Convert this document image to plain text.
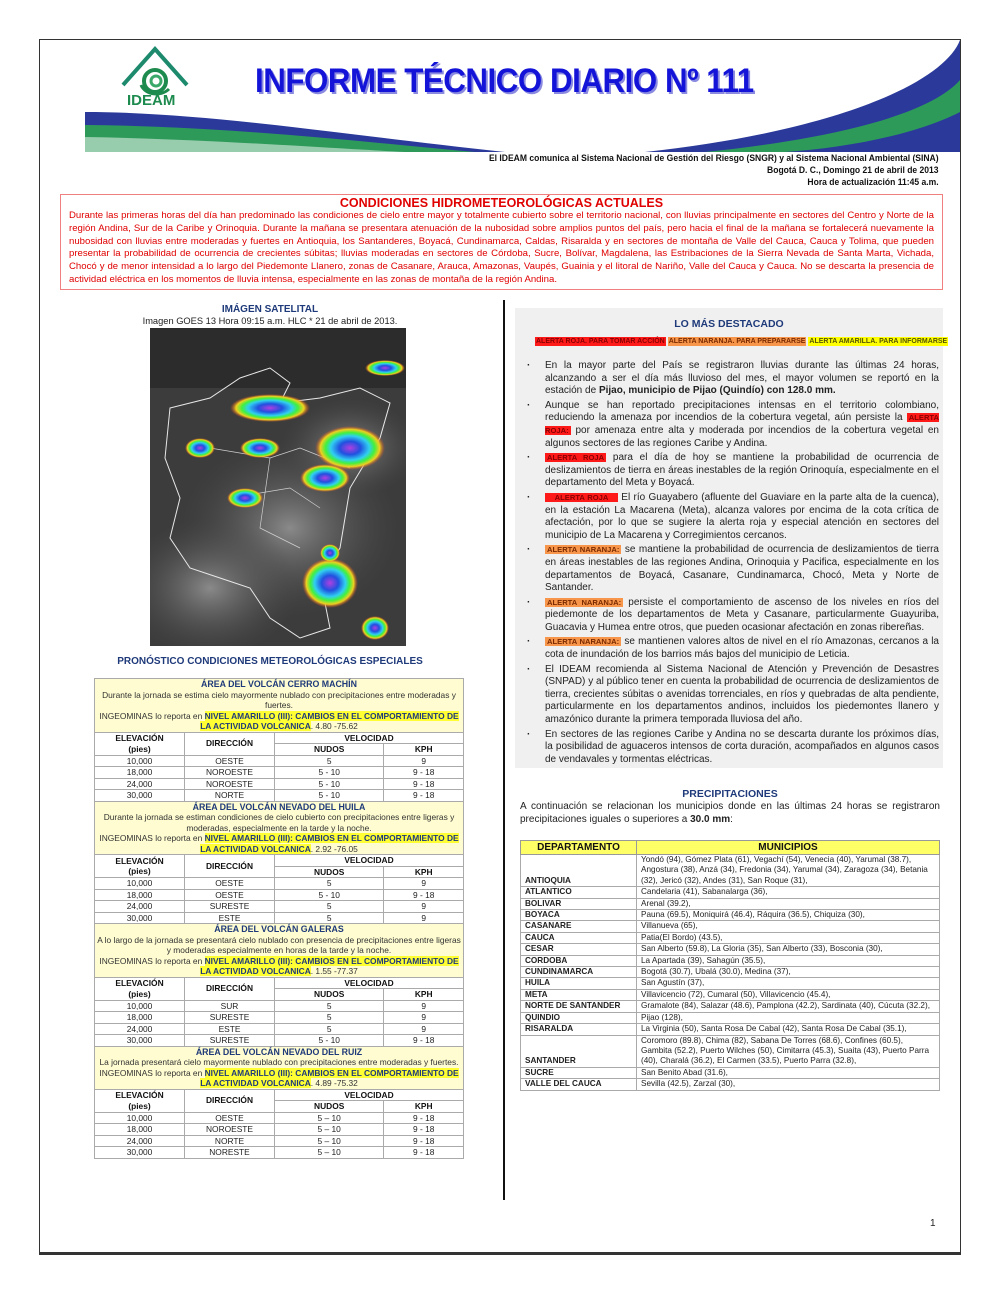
IDEAM
INFORME TÉCNICO DIARIO Nº 111
El IDEAM comunica al Sistema Nacional de Gestión del Riesgo (SNGR) y al Sistema Nacional Ambiental (SINA)
Bogotá D. C., Domingo 21 de abril de 2013
Hora de actualización 11:45 a.m.
CONDICIONES HIDROMETEOROLÓGICAS ACTUALES
Durante las primeras horas del día han predominado las condiciones de cielo entre mayor y totalmente cubierto sobre el territorio nacional, con lluvias principalmente en sectores del Centro y Norte de la región Andina, Sur de la Caribe y Orinoquia. Durante la mañana se presentara atenuación de la nubosidad sobre amplios puntos del país, pero hacia el final de la mañana se fortalecerá nuevamente la nubosidad con lluvias entre moderadas y fuertes en Antioquia, los Santanderes, Boyacá, Cundinamarca, Caldas, Risaralda y en sectores de montaña de Valle del Cauca, Cauca y Tolima, que pueden presentar la probabilidad de ocurrencia de crecientes súbitas; lluvias moderadas en sectores de Córdoba, Sucre, Bolívar, Magdalena, las Estribaciones de la Sierra Nevada de Santa Marta, Vichada, Chocó y de menor intensidad a lo largo del Piedemonte Llanero, zonas de Casanare, Arauca, Amazonas, Vaupés, Guainia y el litoral de Nariño, Valle del Cauca y Cauca. No se descarta la presencia de actividad eléctrica en los momentos de lluvia intensa, especialmente en las zonas de montaña de la región Andina.
IMÁGEN SATELITAL
Imagen GOES 13 Hora 09:15 a.m. HLC * 21 de abril de 2013.
PRONÓSTICO CONDICIONES METEOROLÓGICAS ESPECIALES
ÁREA DEL VOLCÁN CERRO MACHÍN
Durante la jornada se estima cielo mayormente nublado con precipitaciones entre moderadas y fuertes.
INGEOMINAS lo reporta en NIVEL AMARILLO (III): CAMBIOS EN EL COMPORTAMIENTO DE LA ACTIVIDAD VOLCANICA. 4.80 -75.62			

ELEVACIÓN
(pies)	DIRECCIÓN	VELOCIDAD	
		NUDOS	KPH
10,000	OESTE	5	9
18,000	NOROESTE	5 - 10	9 - 18
24,000	NOROESTE	5 - 10	9 - 18
30,000	NORTE	5 - 10	9 - 18

ÁREA DEL VOLCÁN NEVADO DEL HUILA
Durante la jornada se estiman condiciones de cielo cubierto con precipitaciones entre ligeras y moderadas, especialmente en la tarde y la noche.
INGEOMINAS lo reporta en NIVEL AMARILLO (III): CAMBIOS EN EL COMPORTAMIENTO DE LA ACTIVIDAD VOLCANICA. 2.92 -76.05			

ELEVACIÓN
(pies)	DIRECCIÓN	VELOCIDAD	
		NUDOS	KPH
10,000	OESTE	5	9
18,000	OESTE	5 - 10	9 - 18
24,000	SURESTE	5	9
30,000	ESTE	5	9

ÁREA DEL VOLCÁN GALERAS
A lo largo de la jornada se presentará cielo nublado con presencia de precipitaciones entre ligeras y moderadas especialmente en horas de la tarde y la noche.
INGEOMINAS lo reporta en NIVEL AMARILLO (III): CAMBIOS EN EL COMPORTAMIENTO DE LA ACTIVIDAD VOLCANICA. 1.55 -77.37			

ELEVACIÓN
(pies)	DIRECCIÓN	VELOCIDAD	
		NUDOS	KPH
10,000	SUR	5	9
18,000	SURESTE	5	9
24,000	ESTE	5	9
30,000	SURESTE	5 - 10	9 - 18

ÁREA DEL VOLCÁN NEVADO DEL RUIZ
La jornada presentará cielo mayormente nublado con precipitaciones entre moderadas y fuertes.
INGEOMINAS lo reporta en NIVEL AMARILLO (III): CAMBIOS EN EL COMPORTAMIENTO DE LA ACTIVIDAD VOLCANICA. 4.89 -75.32			

ELEVACIÓN
(pies)	DIRECCIÓN	VELOCIDAD	
		NUDOS	KPH
10,000	OESTE	5 – 10	9 - 18
18,000	NOROESTE	5 – 10	9 - 18
24,000	NORTE	5 – 10	9 - 18
30,000	NORESTE	5 – 10	9 - 18
LO MÁS DESTACADO
ALERTA ROJA. PARA TOMAR ACCIÓN ALERTA NARANJA. PARA PREPARARSE ALERTA AMARILLA. PARA INFORMARSE
· En la mayor parte del País se registraron lluvias durante las últimas 24 horas, alcanzando a ser el día más lluvioso del mes, el mayor volumen se reportó en la estación de Pijao, municipio de Pijao (Quindío) con 128.0 mm.
· Aunque se han reportado precipitaciones intensas en el territorio colombiano, reduciendo la amenaza por incendios de la cobertura vegetal, aún persiste la ALERTA ROJA: por amenaza entre alta y moderada por incendios de la cobertura vegetal en algunos sectores de las regiones Caribe y Andina.
· ALERTA ROJA para el día de hoy se mantiene la probabilidad de ocurrencia de deslizamientos de tierra en áreas inestables de la región Orinoquía, especialmente en el departamento del Meta y Boyacá.
·    ALERTA ROJA    El río Guayabero (afluente del Guaviare en la parte alta de la cuenca), en la estación La Macarena (Meta), alcanza valores por encima de la cota crítica de afectación, por lo que se sugiere la alerta roja y especial atención en sectores del municipio de La Macarena y Corregimientos cercanos.
· ALERTA NARANJA: se mantiene la probabilidad de ocurrencia de deslizamientos de tierra en áreas inestables de las regiones Andina, Orinoquia y Pacifica, especialmente en los departamentos de Boyacá, Casanare, Cundinamarca, Chocó, Meta y Norte de Santander.
· ALERTA NARANJA: persiste el comportamiento de ascenso de los niveles en ríos del piedemonte de los departamentos de Meta y Casanare, particularmente Guayuriba, Guacavia y Humea entre otros, que pueden ocasionar afectación en zonas ribereñas.
· ALERTA NARANJA: se mantienen valores altos de nivel en el río Amazonas, cercanos a la cota de inundación de los barrios más bajos del municipio de Leticia.
· El IDEAM recomienda al Sistema Nacional de Atención y Prevención de Desastres (SNPAD) y al público tener en cuenta la probabilidad de ocurrencia de deslizamientos de tierra, crecientes súbitas o avenidas torrenciales, en ríos y quebradas de alta pendiente, particularmente en los departamentos andinos, incluidos los piedemontes llanero y amazónico durante la primera temporada lluviosa del año.
· En sectores de las regiones Caribe y Andina no se descarta durante los próximos días, la posibilidad de aguaceros intensos de corta duración, acompañados en algunos casos de vendavales y tormentas eléctricas.
PRECIPITACIONES
A continuación se relacionan los municipios donde en las últimas 24 horas se registraron precipitaciones iguales o superiores a 30.0 mm:
DEPARTAMENTO	MUNICIPIOS
ANTIOQUIA	Yondó (94), Gómez Plata (61), Vegachí (54), Venecia (40), Yarumal (38.7), Angostura (38), Anzá (34), Fredonia (34), Yarumal (34), Zaragoza (34), Betania (32), Jericó (32), Andes (31), San Roque (31),
ATLANTICO	Candelaria (41), Sabanalarga (36),
BOLIVAR	Arenal (39.2),
BOYACA	Pauna (69.5), Moniquirá (46.4), Ráquira (36.5), Chiquiza (30),
CASANARE	Villanueva (65),
CAUCA	Patia(El Bordo) (43.5),
CESAR	San Alberto (59.8), La Gloria (35), San Alberto (33), Bosconia (30),
CORDOBA	La Apartada (39), Sahagún (35.5),
CUNDINAMARCA	Bogotá (30.7), Ubalá (30.0), Medina (37),
HUILA	San Agustín (37),
META	Villavicencio (72), Cumaral (50), Villavicencio (45.4),
NORTE DE SANTANDER	Gramalote (84), Salazar (48.6), Pamplona (42.2), Sardinata (40), Cúcuta (32.2),
QUINDIO	Pijao (128),
RISARALDA	La Virginia (50), Santa Rosa De Cabal (42), Santa Rosa De Cabal (35.1),
SANTANDER	Coromoro (89.8), Chima (82), Sabana De Torres (68.6), Confines (60.5), Gambita (52.2), Puerto Wilches (50), Cimitarra (45.3), Suaita (43), Puerto Parra (40), Charalá (36.2), El Carmen (33.5), Puerto Parra (32.8),
SUCRE	San Benito Abad (31.6),
VALLE DEL CAUCA	Sevilla (42.5), Zarzal (30),
1
